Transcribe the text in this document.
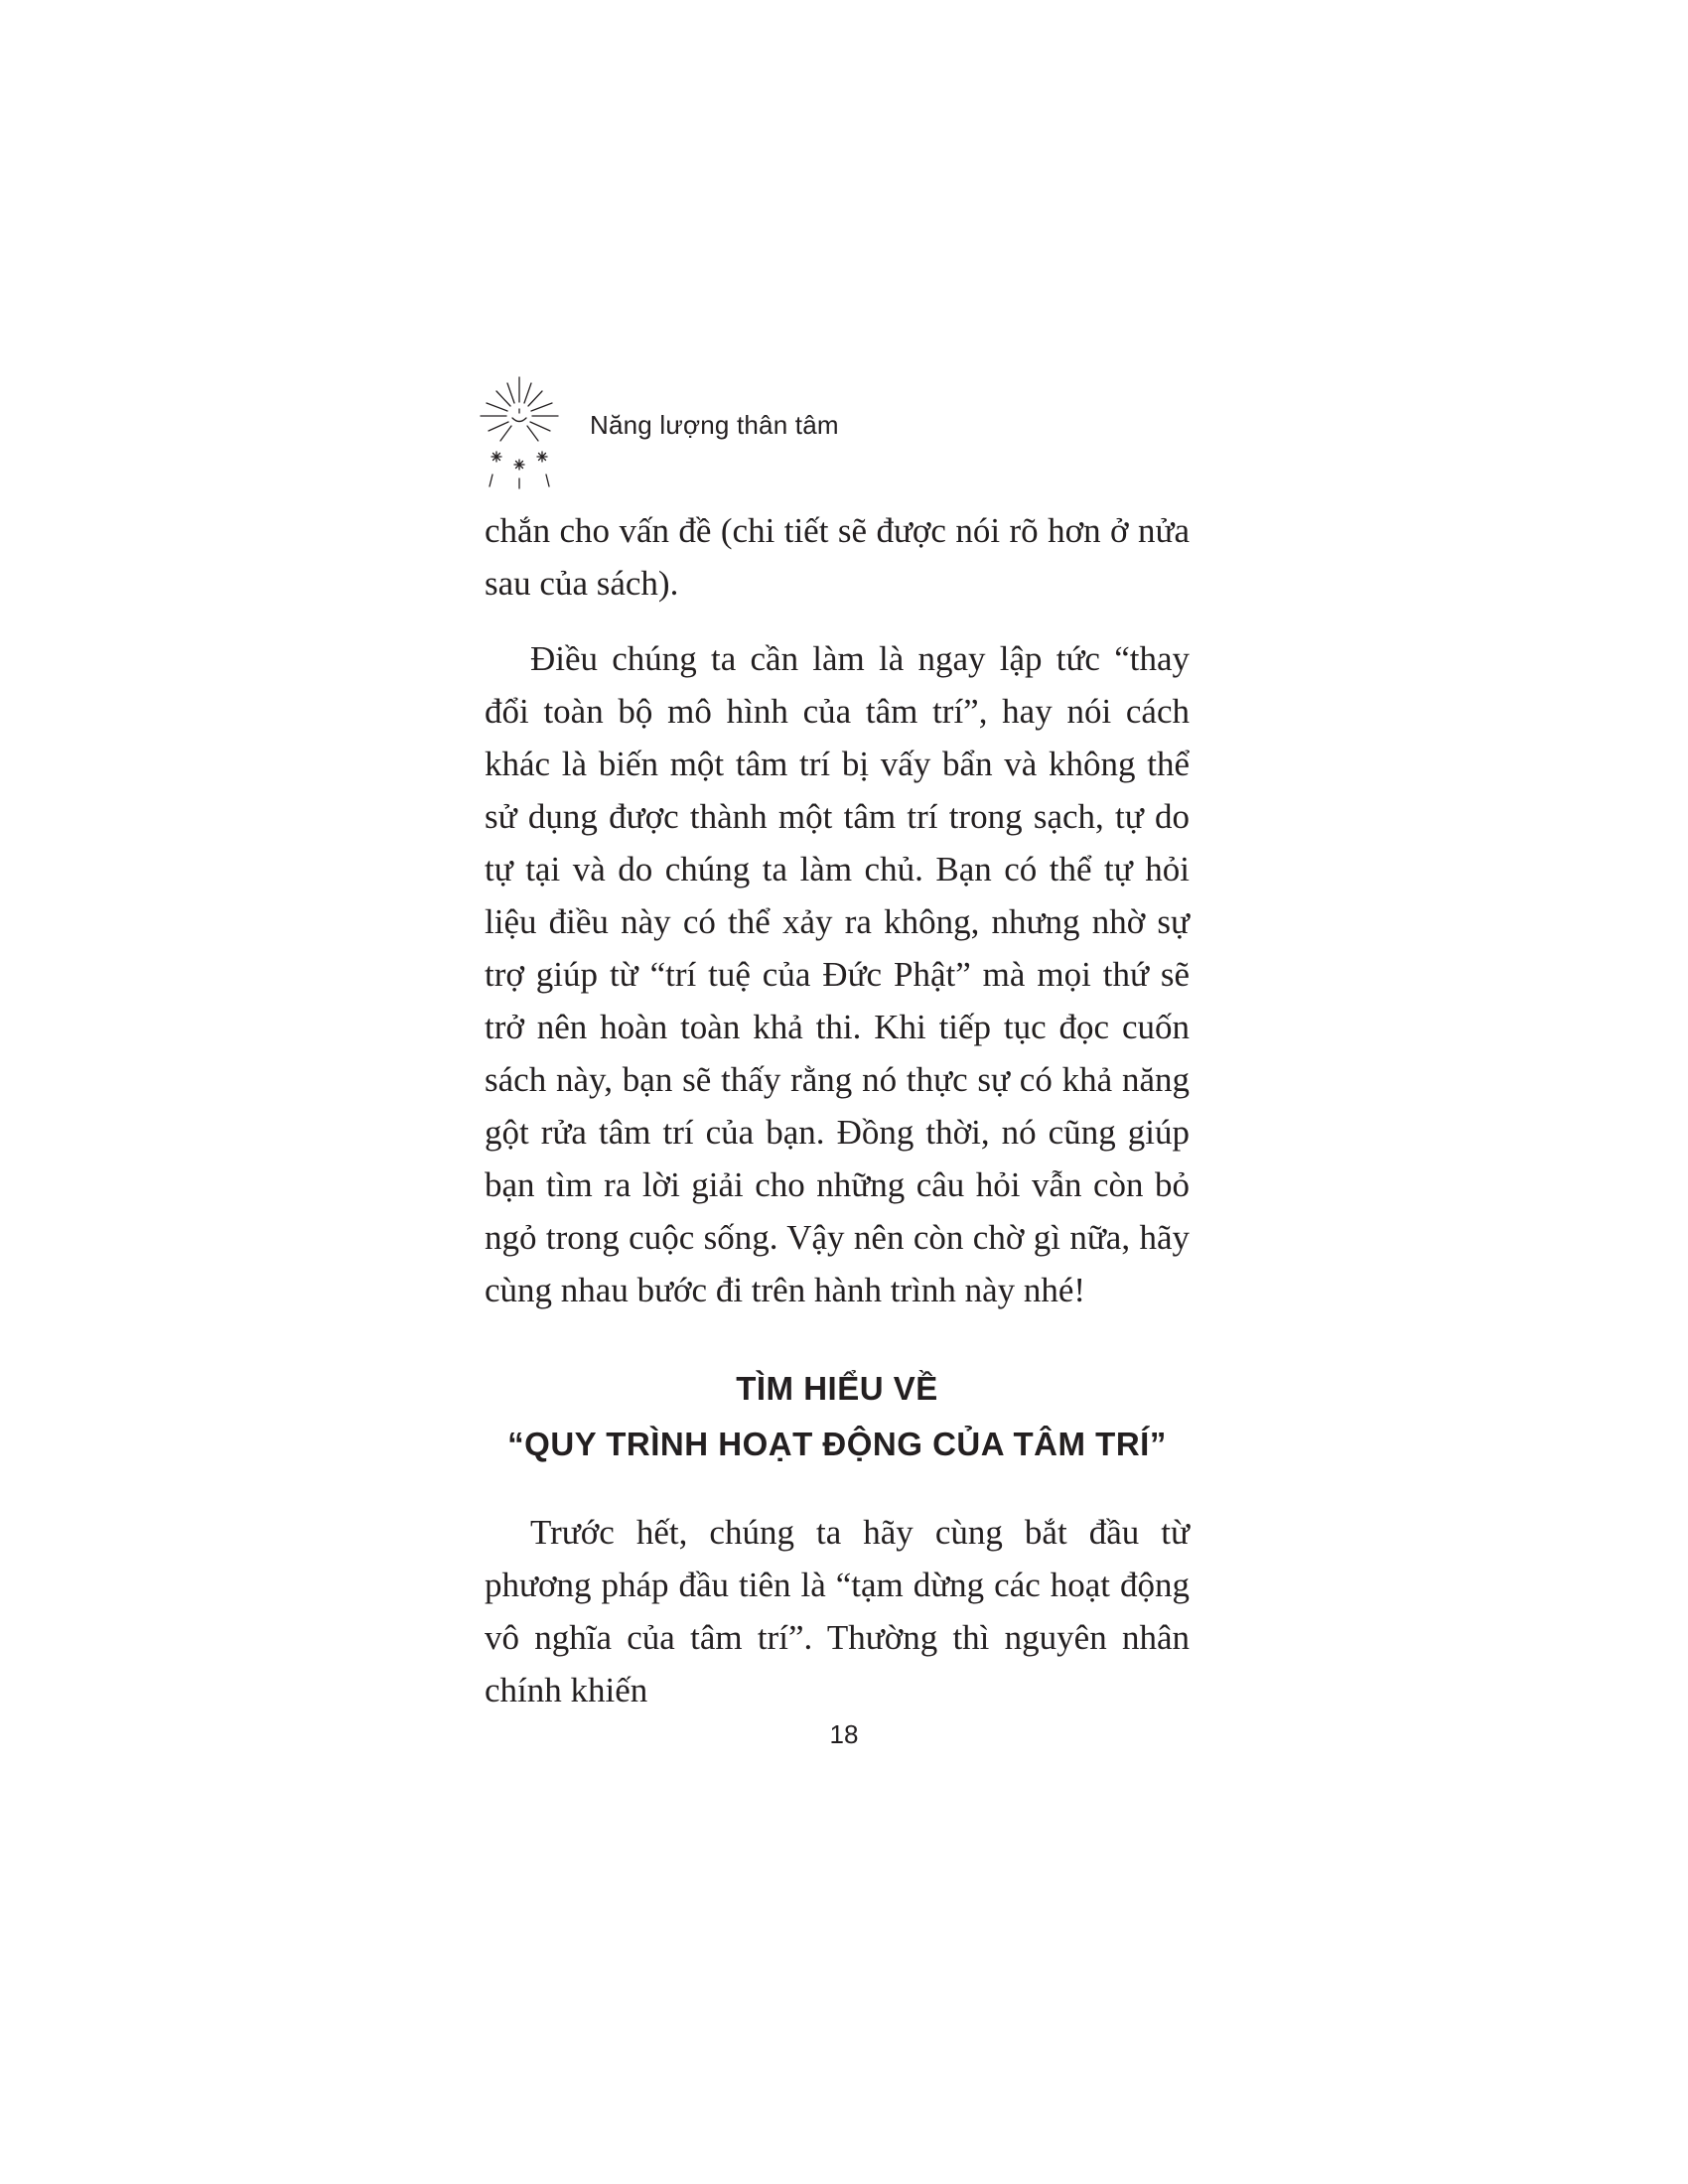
Năng lượng thân tâm

chắn cho vấn đề (chi tiết sẽ được nói rõ hơn ở nửa sau của sách).

Điều chúng ta cần làm là ngay lập tức “thay đổi toàn bộ mô hình của tâm trí”, hay nói cách khác là biến một tâm trí bị vấy bẩn và không thể sử dụng được thành một tâm trí trong sạch, tự do tự tại và do chúng ta làm chủ. Bạn có thể tự hỏi liệu điều này có thể xảy ra không, nhưng nhờ sự trợ giúp từ “trí tuệ của Đức Phật” mà mọi thứ sẽ trở nên hoàn toàn khả thi. Khi tiếp tục đọc cuốn sách này, bạn sẽ thấy rằng nó thực sự có khả năng gột rửa tâm trí của bạn. Đồng thời, nó cũng giúp bạn tìm ra lời giải cho những câu hỏi vẫn còn bỏ ngỏ trong cuộc sống. Vậy nên còn chờ gì nữa, hãy cùng nhau bước đi trên hành trình này nhé!

TÌM HIỂU VỀ
“QUY TRÌNH HOẠT ĐỘNG CỦA TÂM TRÍ”

Trước hết, chúng ta hãy cùng bắt đầu từ phương pháp đầu tiên là “tạm dừng các hoạt động vô nghĩa của tâm trí”. Thường thì nguyên nhân chính khiến

18
